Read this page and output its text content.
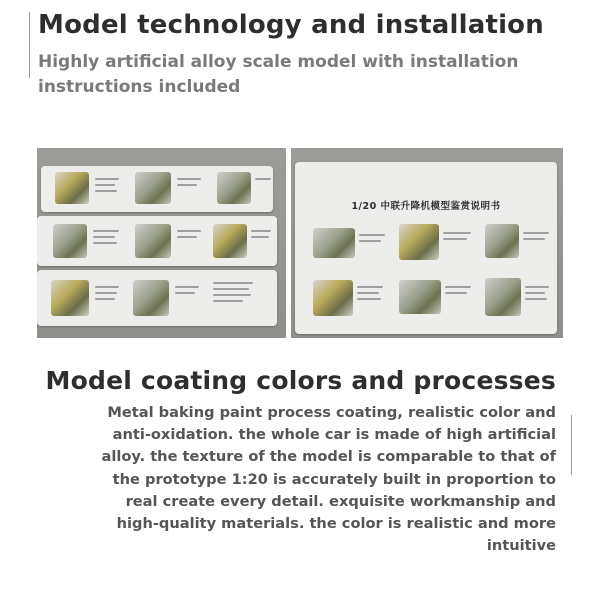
Model technology and installation

Highly artificial alloy scale model with installation instructions included

1/20 中联升降机模型鉴赏说明书
Model coating colors and processes

Metal baking paint process coating, realistic color and anti-oxidation. the whole car is made of high artificial alloy. the texture of the model is comparable to that of the prototype 1:20 is accurately built in proportion to real create every detail. exquisite workmanship and high-quality materials. the color is realistic and more intuitive
